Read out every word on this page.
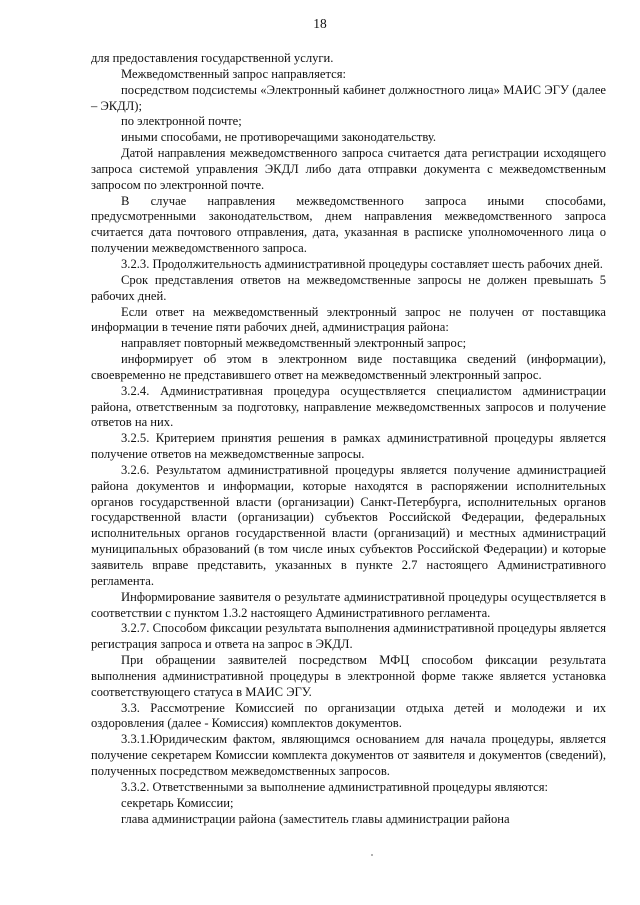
18

для предоставления государственной услуги.

Межведомственный запрос направляется:

посредством подсистемы «Электронный кабинет должностного лица» МАИС ЭГУ (далее – ЭКДЛ);

по электронной почте;

иными способами, не противоречащими законодательству.

Датой направления межведомственного запроса считается дата регистрации исходящего запроса системой управления ЭКДЛ либо дата отправки документа с межведомственным запросом по электронной почте.

В случае направления межведомственного запроса иными способами, предусмотренными законодательством, днем направления межведомственного запроса считается дата почтового отправления, дата, указанная в расписке уполномоченного лица о получении межведомственного запроса.

3.2.3. Продолжительность административной процедуры составляет шесть рабочих дней.

Срок представления ответов на межведомственные запросы не должен превышать 5 рабочих дней.

Если ответ на межведомственный электронный запрос не получен от поставщика информации в течение пяти рабочих дней, администрация района:

направляет повторный межведомственный электронный запрос;

информирует об этом в электронном виде поставщика сведений (информации), своевременно не представившего ответ на межведомственный электронный запрос.

3.2.4. Административная процедура осуществляется специалистом администрации района, ответственным за подготовку, направление межведомственных запросов и получение ответов на них.

3.2.5. Критерием принятия решения в рамках административной процедуры является получение ответов на межведомственные запросы.

3.2.6. Результатом административной процедуры является получение администрацией района документов и информации, которые находятся в распоряжении исполнительных органов государственной власти (организации) Санкт-Петербурга, исполнительных органов государственной власти (организации) субъектов Российской Федерации, федеральных исполнительных органов государственной власти (организаций) и местных администраций муниципальных образований (в том числе иных субъектов Российской Федерации) и которые заявитель вправе представить, указанных в пункте 2.7 настоящего Административного регламента.

Информирование заявителя о результате административной процедуры осуществляется в соответствии с пунктом 1.3.2 настоящего Административного регламента.

3.2.7. Способом фиксации результата выполнения административной процедуры является регистрация запроса и ответа на запрос в ЭКДЛ.

При обращении заявителей посредством МФЦ способом фиксации результата выполнения административной процедуры в электронной форме также является установка соответствующего статуса в МАИС ЭГУ.

3.3. Рассмотрение Комиссией по организации отдыха детей и молодежи и их оздоровления (далее - Комиссия) комплектов документов.

3.3.1.Юридическим фактом, являющимся основанием для начала процедуры, является получение секретарем Комиссии комплекта документов от заявителя и документов (сведений), полученных посредством межведомственных запросов.

3.3.2. Ответственными за выполнение административной процедуры являются:

секретарь Комиссии;

глава администрации района (заместитель главы администрации района
